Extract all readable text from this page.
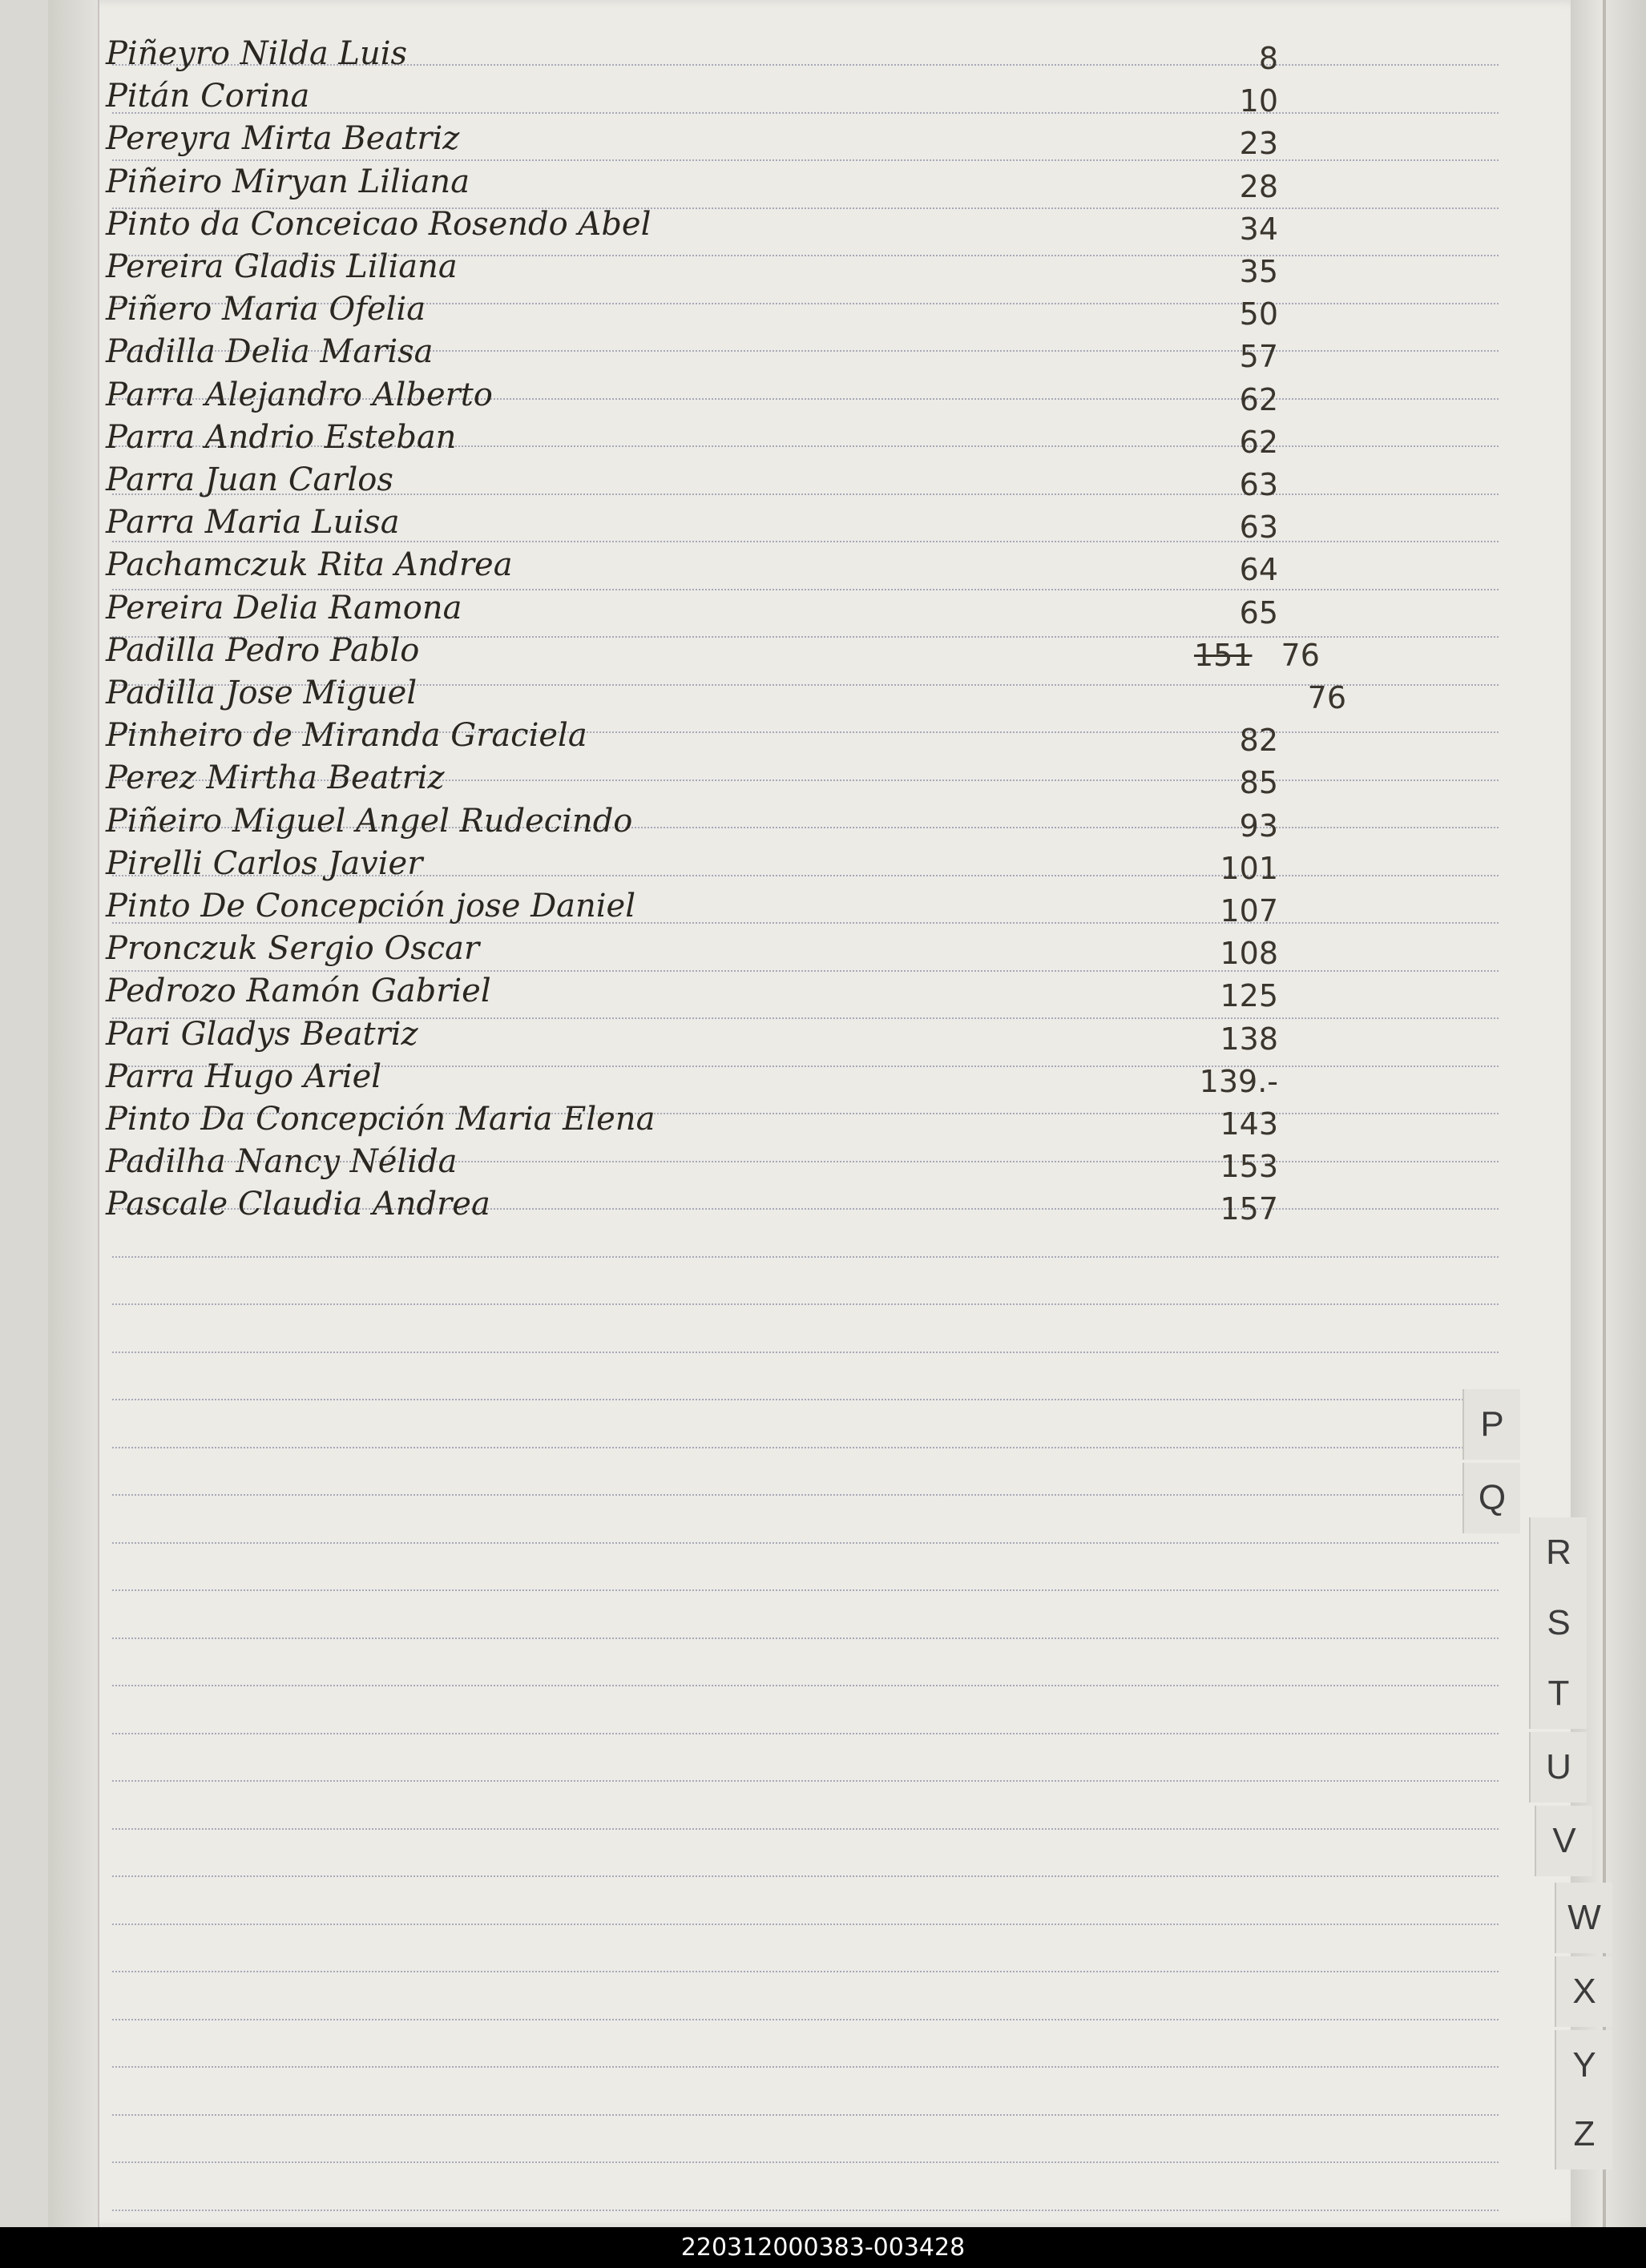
Piñeyro Nilda Luis	8
Pitán Corina	10
Pereyra Mirta Beatriz	23
Piñeiro Miryan Liliana	28
Pinto da Conceicao Rosendo Abel	34
Pereira Gladis Liliana	35
Piñero Maria Ofelia	50
Padilla Delia Marisa	57
Parra Alejandro Alberto	62
Parra Andrio Esteban	62
Parra Juan Carlos	63
Parra Maria Luisa	63
Pachamczuk Rita Andrea	64
Pereira Delia Ramona	65
Padilla Pedro Pablo	151 76
Padilla Jose Miguel	76
Pinheiro de Miranda Graciela	82
Perez Mirtha Beatriz	85
Piñeiro Miguel Angel Rudecindo	93
Pirelli Carlos Javier	101
Pinto De Concepción jose Daniel	107
Pronczuk Sergio Oscar	108
Pedrozo Ramón Gabriel	125
Pari Gladys Beatriz	138
Parra Hugo Ariel	139.-
Pinto Da Concepción Maria Elena	143
Padilha Nancy Nélida	153
Pascale Claudia Andrea	157
P
Q
R
S
T
U
V
W
X
Y
Z
220312000383-003428
